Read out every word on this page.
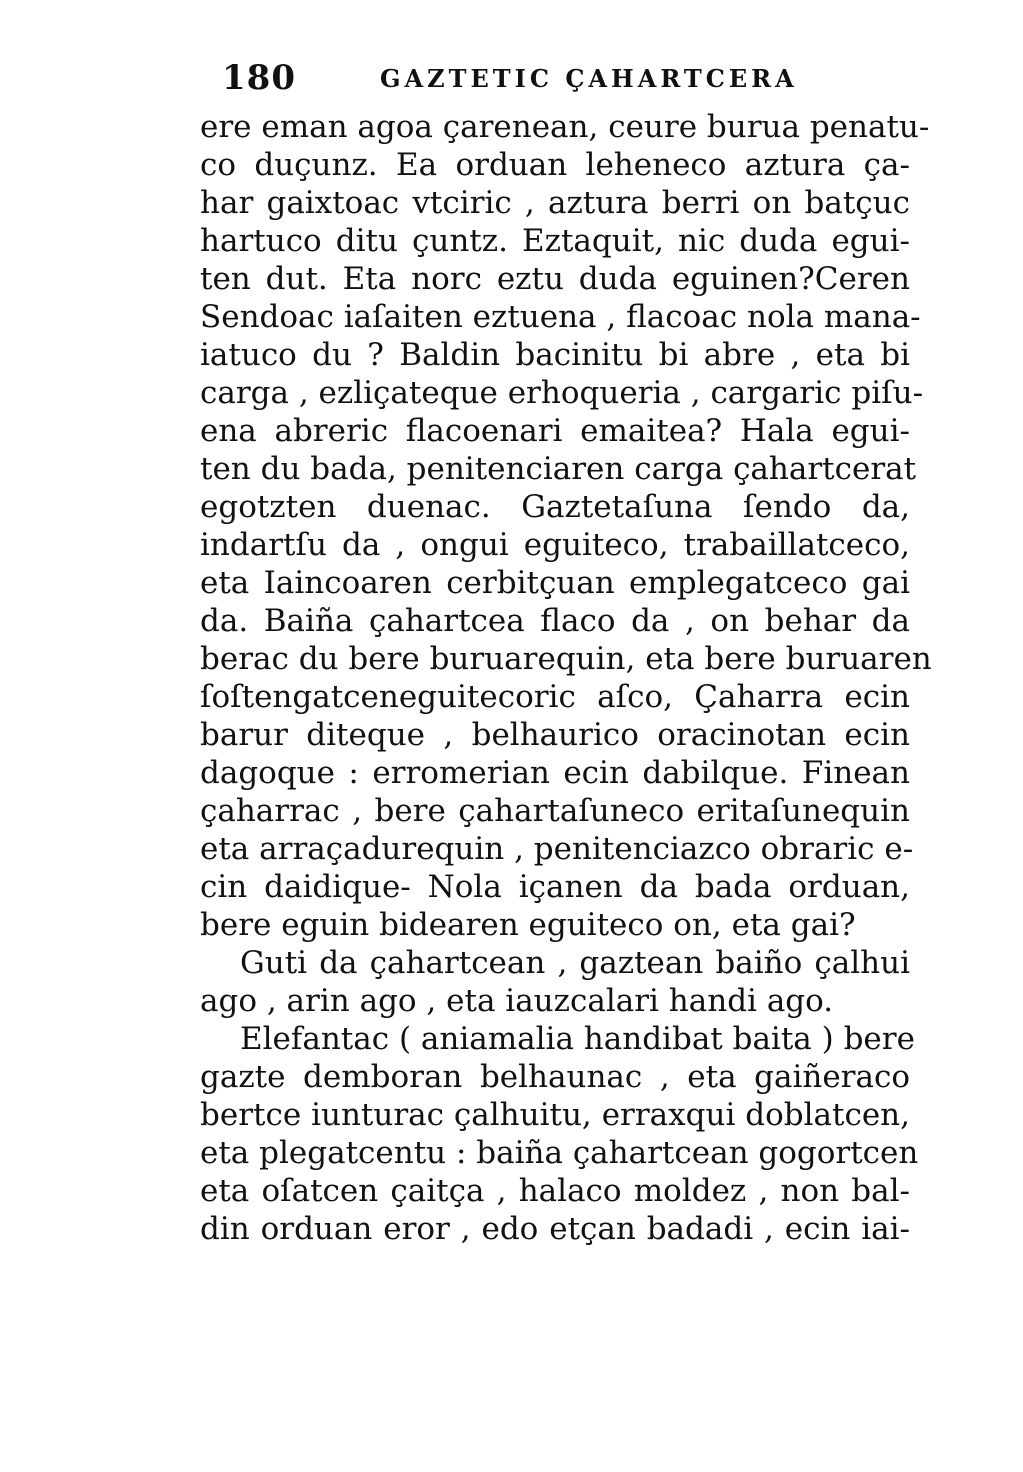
180	GAZTETIC ÇAHARTCERA
ere eman agoa çarenean, ceure burua penatu-
co duçunz. Ea orduan leheneco aztura ça-
har gaixtoac vtciric , aztura berri on batçuc
hartuco ditu çuntz. Eztaquit, nic duda egui-
ten dut. Eta norc eztu duda eguinen?Ceren
Sendoac iaſaiten eztuena , flacoac nola mana-
iatuco du ? Baldin bacinitu bi abre , eta bi
carga , ezliçateque erhoqueria , cargaric piſu-
ena abreric flacoenari emaitea? Hala egui-
ten du bada, penitenciaren carga çahartcerat
egotzten duenac. Gaztetaſuna ſendo da,
indartſu da , ongui eguiteco, trabaillatceco,
eta Iaincoaren cerbitçuan emplegatceco gai
da. Baiña çahartcea flaco da , on behar da
berac du bere buruarequin, eta bere buruaren
ſoſtengatceneguitecoric aſco, Çaharra ecin
barur diteque , belhaurico oracinotan ecin
dagoque : erromerian ecin dabilque. Finean
çaharrac , bere çahartaſuneco eritaſunequin
eta arraçadurequin , penitenciazco obraric e-
cin daidique- Nola içanen da bada orduan,
bere eguin bidearen eguiteco on, eta gai?
Guti da çahartcean , gaztean baiño çalhui
ago , arin ago , eta iauzcalari handi ago.
Elefantac ( aniamalia handibat baita ) bere
gazte demboran belhaunac , eta gaiñeraco
bertce iunturac çalhuitu, erraxqui doblatcen,
eta plegatcentu : baiña çahartcean gogortcen
eta oſatcen çaitça , halaco moldez , non bal-
din orduan eror , edo etçan badadi , ecin iai-
